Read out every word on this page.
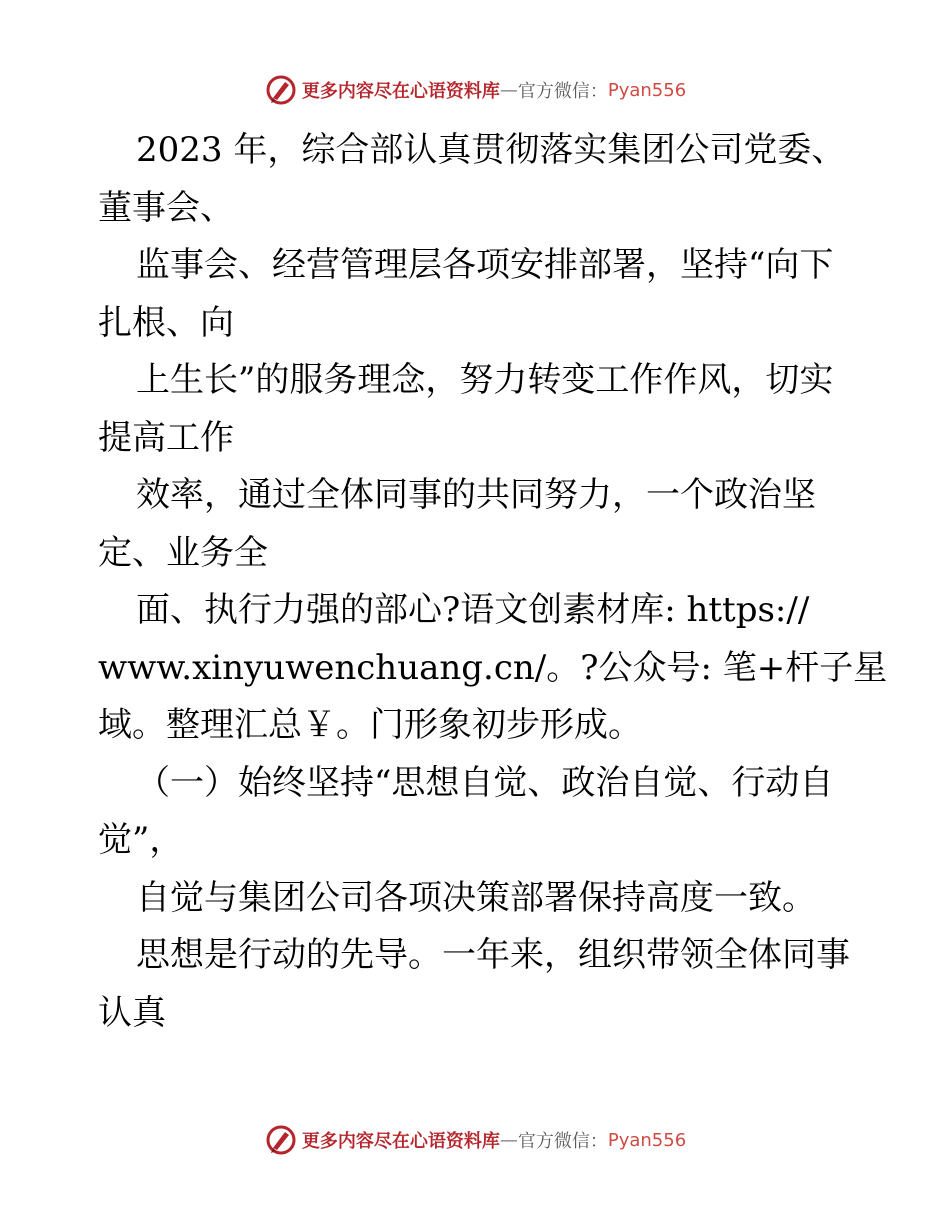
更多内容尽在心语资料库 — 官方微信： Pyan556
2023 年，综合部认真贯彻落实集团公司党委、
董事会、
监事会、经营管理层各项安排部署，坚持“向下
扎根、向
上生长”的服务理念，努力转变工作作风，切实
提高工作
效率，通过全体同事的共同努力，一个政治坚
定、业务全
面、执行力强的部心?语文创素材库: https://
www.xinyuwenchuang.cn/。?公众号: 笔+杆子星
域。整理汇总￥。门形象初步形成。
（一）始终坚持“思想自觉、政治自觉、行动自
觉”，
自觉与集团公司各项决策部署保持高度一致。
思想是行动的先导。一年来，组织带领全体同事
认真
更多内容尽在心语资料库 — 官方微信： Pyan556
